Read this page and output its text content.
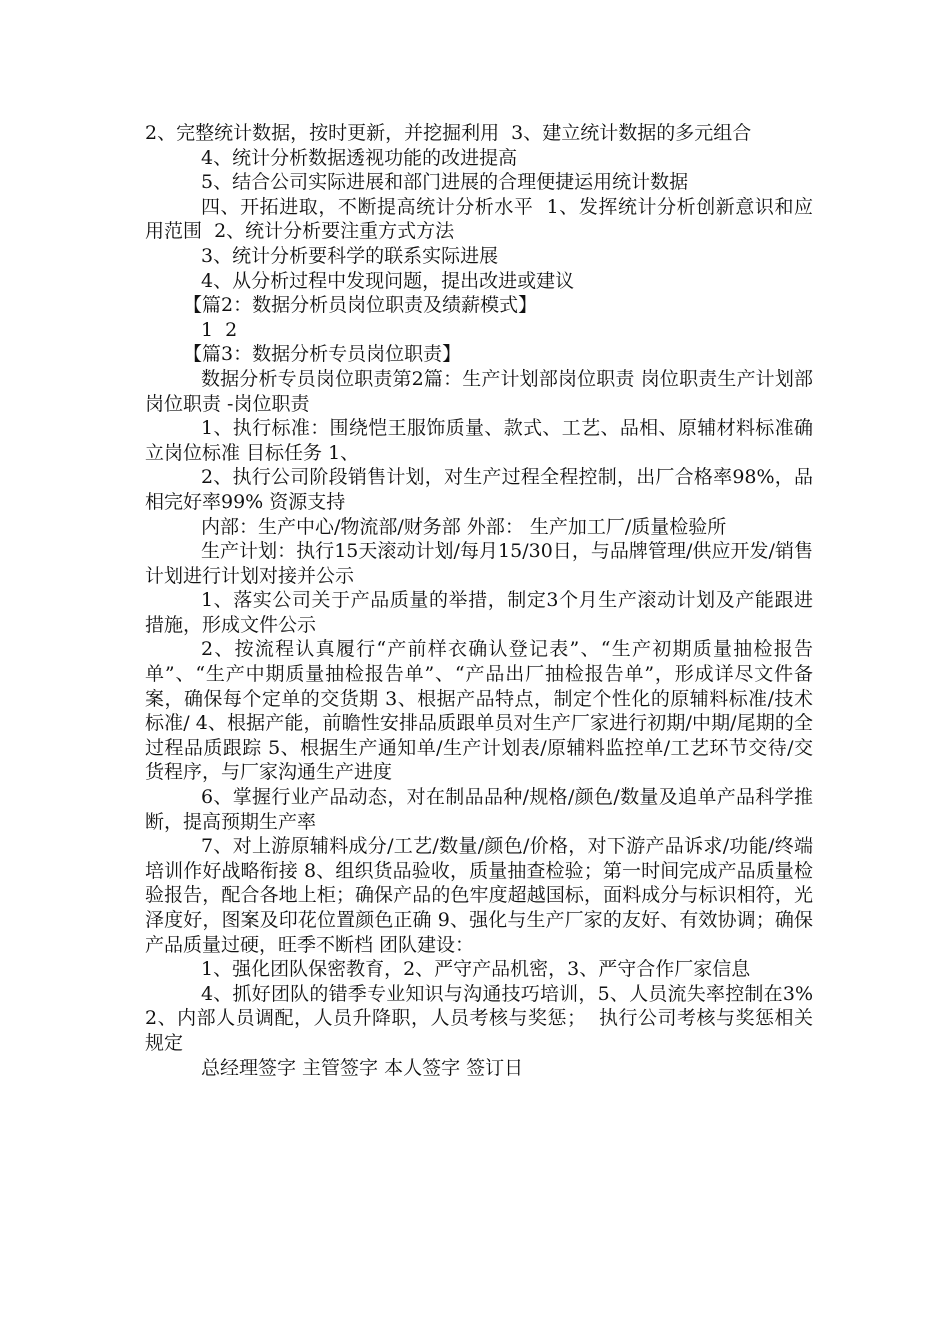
2、完整统计数据，按时更新，并挖掘利用  3、建立统计数据的多元组合

4、统计分析数据透视功能的改进提高

5、结合公司实际进展和部门进展的合理便捷运用统计数据

四、开拓进取，不断提高统计分析水平  1、发挥统计分析创新意识和应用范围  2、统计分析要注重方式方法

3、统计分析要科学的联系实际进展

4、从分析过程中发现问题，提出改进或建议

【篇2：数据分析员岗位职责及绩薪模式】

1  2

【篇3：数据分析专员岗位职责】

数据分析专员岗位职责第2篇：生产计划部岗位职责 岗位职责生产计划部岗位职责 -岗位职责

1、执行标准：围绕恺王服饰质量、款式、工艺、品相、原辅材料标准确立岗位标准 目标任务 1、

2、执行公司阶段销售计划，对生产过程全程控制，出厂合格率98%，品相完好率99% 资源支持

内部：生产中心/物流部/财务部 外部： 生产加工厂/质量检验所

生产计划：执行15天滚动计划/每月15/30日，与品牌管理/供应开发/销售计划进行计划对接并公示

1、落实公司关于产品质量的举措，制定3个月生产滚动计划及产能跟进措施，形成文件公示

2、按流程认真履行“产前样衣确认登记表”、“生产初期质量抽检报告单”、“生产中期质量抽检报告单”、“产品出厂抽检报告单”，形成详尽文件备案，确保每个定单的交货期 3、根据产品特点，制定个性化的原辅料标准/技术标准/ 4、根据产能，前瞻性安排品质跟单员对生产厂家进行初期/中期/尾期的全过程品质跟踪 5、根据生产通知单/生产计划表/原辅料监控单/工艺环节交待/交货程序，与厂家沟通生产进度

6、掌握行业产品动态，对在制品品种/规格/颜色/数量及追单产品科学推断，提高预期生产率

7、对上游原辅料成分/工艺/数量/颜色/价格，对下游产品诉求/功能/终端培训作好战略衔接 8、组织货品验收，质量抽查检验；第一时间完成产品质量检验报告，配合各地上柜；确保产品的色牢度超越国标，面料成分与标识相符，光泽度好，图案及印花位置颜色正确 9、强化与生产厂家的友好、有效协调；确保产品质量过硬，旺季不断档 团队建设：

1、强化团队保密教育，2、严守产品机密，3、严守合作厂家信息

4、抓好团队的错季专业知识与沟通技巧培训，5、人员流失率控制在3% 2、内部人员调配，人员升降职，人员考核与奖惩；  执行公司考核与奖惩相关规定

总经理签字 主管签字 本人签字 签订日
